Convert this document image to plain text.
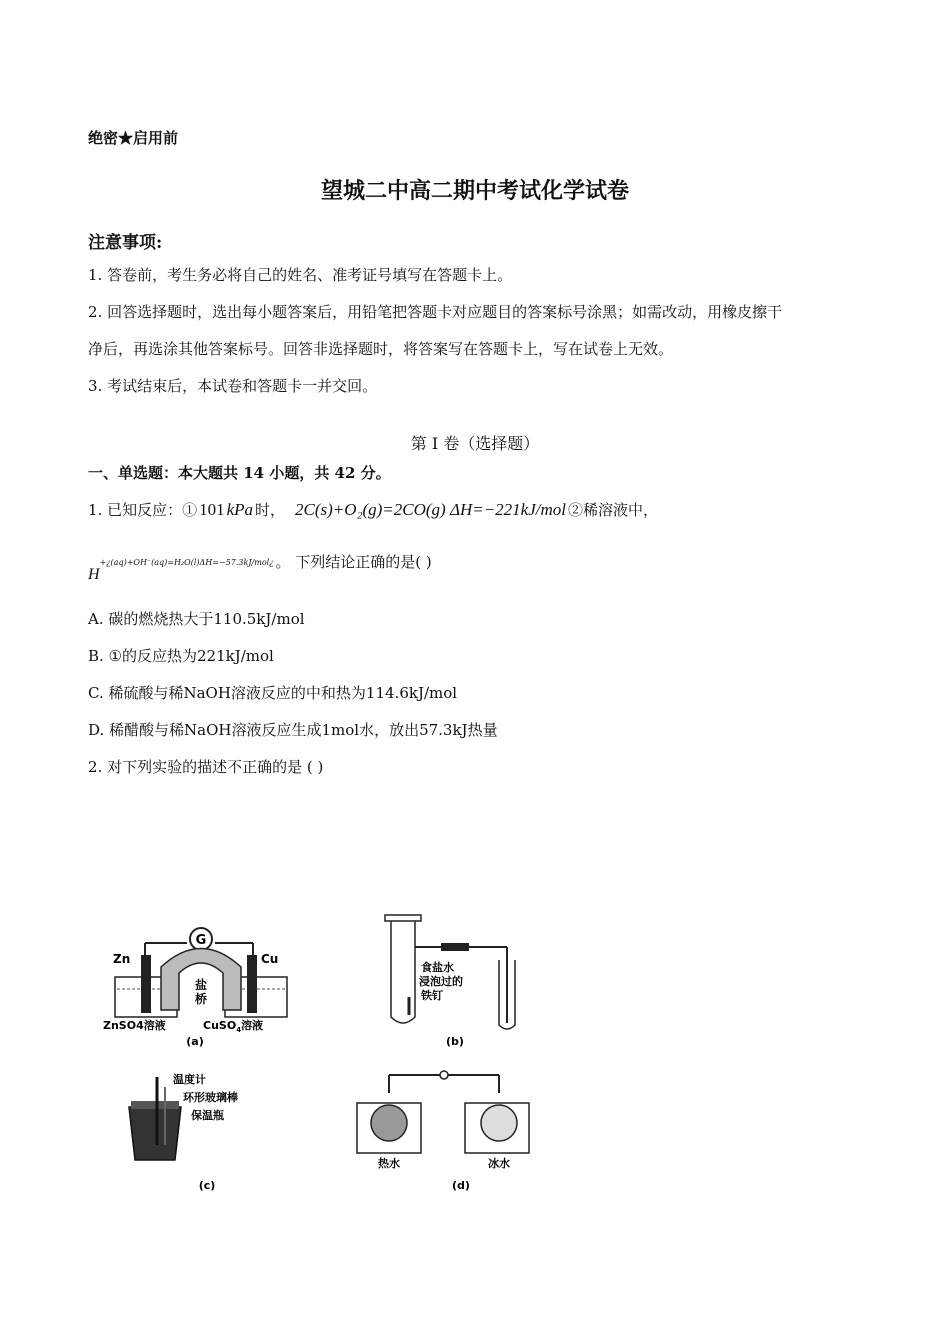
绝密★启用前
望城二中高二期中考试化学试卷
注意事项:
1. 答卷前，考生务必将自己的姓名、准考证号填写在答题卡上。
2. 回答选择题时，选出每小题答案后，用铅笔把答题卡对应题目的答案标号涂黑；如需改动，用橡皮擦干
净后，再选涂其他答案标号。回答非选择题时，将答案写在答题卡上，写在试卷上无效。
3. 考试结束后，本试卷和答题卡一并交回。
第 I 卷（选择题）
一、单选题：本大题共 14 小题，共 42 分。
1. 已知反应：① 101 kPa 时， 2C(s)+O₂(g)=2CO(g) ΔH=−221kJ/mol ②稀溶液中，
H
+¿(aq)+OH⁻(aq)=H₂O(l)ΔH=−57.3kJ/mol¿ 。 下列结论正确的是( )
A. 碳的燃烧热大于110.5kJ/mol
B. ①的反应热为221kJ/mol
C. 稀硫酸与稀NaOH溶液反应的中和热为114.6kJ/mol
D. 稀醋酸与稀NaOH溶液反应生成1mol水，放出57.3kJ热量
2. 对下列实验的描述不正确的是 ( )
G
Zn	Cu
盐
桥
ZnSO4溶液	CuSO$_4$溶液
(a)
食盐水
浸泡过的
铁钉
(b)
温度计
环形玻璃棒
保温瓶
(c)
热水	冰水
(d)
